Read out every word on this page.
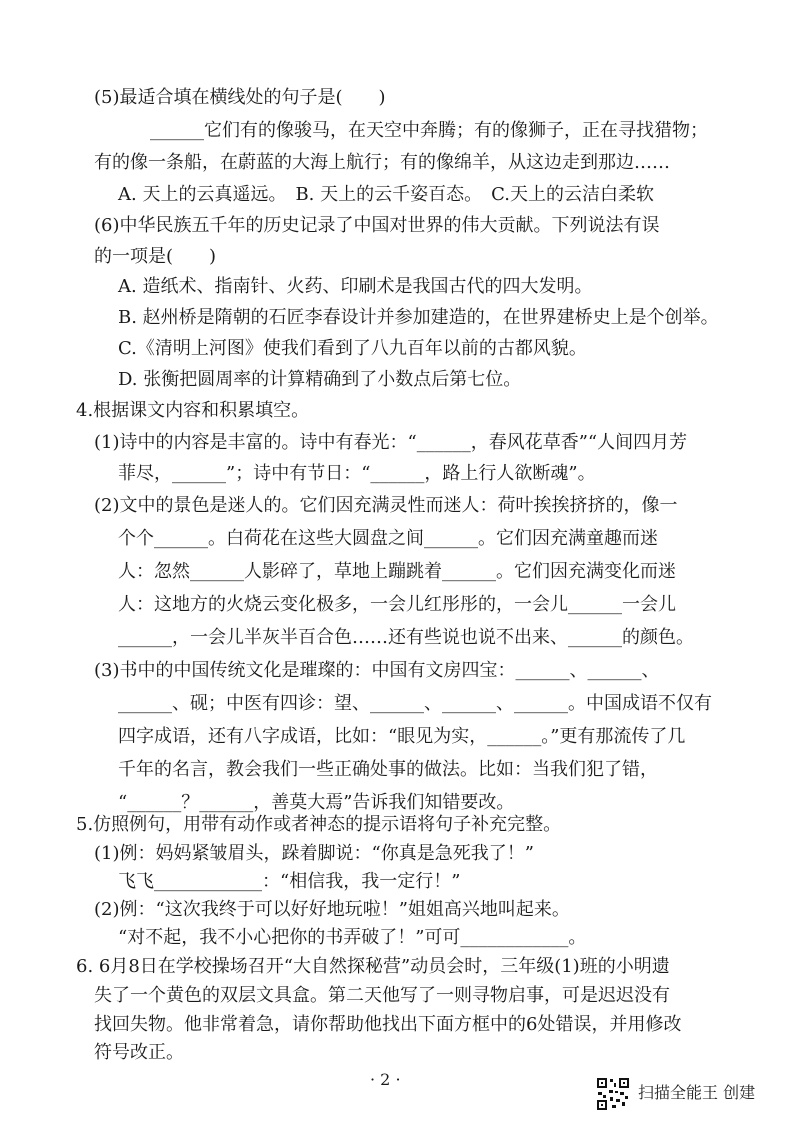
(5)最适合填在横线处的句子是(　　)
______它们有的像骏马，在天空中奔腾；有的像狮子，正在寻找猎物；
有的像一条船，在蔚蓝的大海上航行；有的像绵羊，从这边走到那边……
A. 天上的云真遥远。　B. 天上的云千姿百态。　C.天上的云洁白柔软
(6)中华民族五千年的历史记录了中国对世界的伟大贡献。下列说法有误
的一项是(　　)
A. 造纸术、指南针、火药、印刷术是我国古代的四大发明。
B. 赵州桥是隋朝的石匠李春设计并参加建造的，在世界建桥史上是个创举。
C.《清明上河图》使我们看到了八九百年以前的古都风貌。
D. 张衡把圆周率的计算精确到了小数点后第七位。
4.根据课文内容和积累填空。
(1)诗中的内容是丰富的。诗中有春光：“______，春风花草香”“人间四月芳
菲尽，______”；诗中有节日：“______，路上行人欲断魂”。
(2)文中的景色是迷人的。它们因充满灵性而迷人：荷叶挨挨挤挤的，像一
个个______。白荷花在这些大圆盘之间______。它们因充满童趣而迷
人：忽然______人影碎了，草地上蹦跳着______。它们因充满变化而迷
人：这地方的火烧云变化极多，一会儿红彤彤的，一会儿______一会儿
______，一会儿半灰半百合色……还有些说也说不出来、______的颜色。
(3)书中的中国传统文化是璀璨的：中国有文房四宝：______、______、
______、砚；中医有四诊：望、______、______、______。中国成语不仅有
四字成语，还有八字成语，比如：“眼见为实，______。”更有那流传了几
千年的名言，教会我们一些正确处事的做法。比如：当我们犯了错，
“______？______，善莫大焉”告诉我们知错要改。
5.仿照例句，用带有动作或者神态的提示语将句子补充完整。
(1)例：妈妈紧皱眉头，跺着脚说：“你真是急死我了！”
飞飞____________：“相信我，我一定行！”
(2)例：“这次我终于可以好好地玩啦！”姐姐高兴地叫起来。
“对不起，我不小心把你的书弄破了！”可可____________。
6. 6月8日在学校操场召开“大自然探秘营”动员会时，三年级(1)班的小明遗
失了一个黄色的双层文具盒。第二天他写了一则寻物启事，可是迟迟没有
· 2 ·
扫描全能王 创建
找回失物。他非常着急，请你帮助他找出下面方框中的6处错误，并用修改
符号改正。
